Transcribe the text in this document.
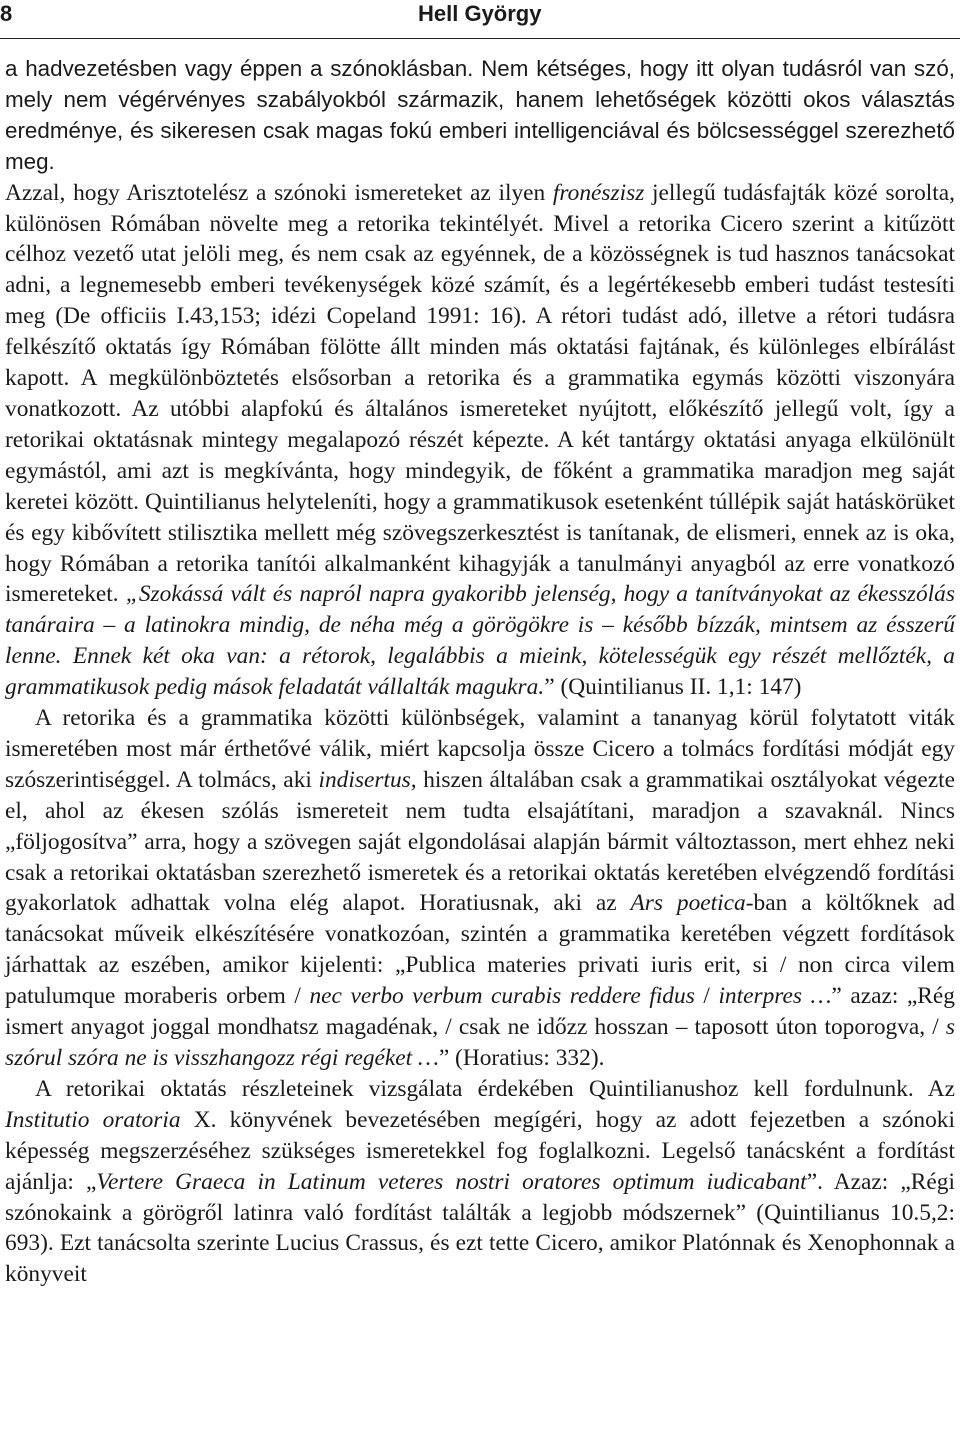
8	Hell György
a hadvezetésben vagy éppen a szónoklásban. Nem kétséges, hogy itt olyan tudásról van szó, mely nem végérvényes szabályokból származik, hanem lehetőségek közötti okos választás eredménye, és sikeresen csak magas fokú emberi intelligenciával és bölcsességgel szerezhető meg.
Azzal, hogy Arisztotelész a szónoki ismereteket az ilyen fronészisz jellegű tudásfajták közé sorolta, különösen Rómában növelte meg a retorika tekintélyét. Mivel a retorika Cicero szerint a kitűzött célhoz vezető utat jelöli meg, és nem csak az egyénnek, de a közösségnek is tud hasznos tanácsokat adni, a legnemesebb emberi tevékenységek közé számít, és a legértékesebb emberi tudást testesíti meg (De officiis I.43,153; idézi Copeland 1991: 16). A rétori tudást adó, illetve a rétori tudásra felkészítő oktatás így Rómában fölötte állt minden más oktatási fajtának, és különleges elbírálást kapott. A megkülönböztetés elsősorban a retorika és a grammatika egymás közötti viszonyára vonatkozott. Az utóbbi alapfokú és általános ismereteket nyújtott, előkészítő jellegű volt, így a retorikai oktatásnak mintegy megalapozó részét képezte. A két tantárgy oktatási anyaga elkülönült egymástól, ami azt is megkívánta, hogy mindegyik, de főként a grammatika maradjon meg saját keretei között. Quintilianus helyteleníti, hogy a grammatikusok esetenként túllépik saját hatáskörüket és egy kibővített stilisztika mellett még szövegszerkesztést is tanítanak, de elismeri, ennek az is oka, hogy Rómában a retorika tanítói alkalmanként kihagyják a tanulmányi anyagból az erre vonatkozó ismereteket. „Szokássá vált és napról napra gyakoribb jelenség, hogy a tanítványokat az ékesszólás tanáraira – a latinokra mindig, de néha még a görögökre is – később bízzák, mintsem az ésszerű lenne. Ennek két oka van: a rétorok, legalábbis a mieink, kötelességük egy részét mellőzték, a grammatikusok pedig mások feladatát vállalták magukra.” (Quintilianus II. 1,1: 147)
A retorika és a grammatika közötti különbségek, valamint a tananyag körül folytatott viták ismeretében most már érthetővé válik, miért kapcsolja össze Cicero a tolmács fordítási módját egy szószerintiséggel. A tolmács, aki indisertus, hiszen általában csak a grammatikai osztályokat végezte el, ahol az ékesen szólás ismereteit nem tudta elsajátítani, maradjon a szavaknál. Nincs „följogosítva” arra, hogy a szövegen saját elgondolásai alapján bármit változtasson, mert ehhez neki csak a retorikai oktatásban szerezhető ismeretek és a retorikai oktatás keretében elvégzendő fordítási gyakorlatok adhattak volna elég alapot. Horatiusnak, aki az Ars poetica-ban a költőknek ad tanácsokat műveik elkészítésére vonatkozóan, szintén a grammatika keretében végzett fordítások járhattak az eszében, amikor kijelenti: „Publica materies privati iuris erit, si / non circa vilem patulumque moraberis orbem / nec verbo verbum curabis reddere fidus / interpres …” azaz: „Rég ismert anyagot joggal mondhatsz magadénak, / csak ne időzz hosszan – taposott úton toporogva, / s szórul szóra ne is visszhangozz régi regéket …” (Horatius: 332).
A retorikai oktatás részleteinek vizsgálata érdekében Quintilianushoz kell fordulnunk. Az Institutio oratoria X. könyvének bevezetésében megígéri, hogy az adott fejezetben a szónoki képesség megszerzéséhez szükséges ismeretekkel fog foglalkozni. Legelső tanácsként a fordítást ajánlja: „Vertere Graeca in Latinum veteres nostri oratores optimum iudicabant”. Azaz: „Régi szónokaink a görögről latinra való fordítást találták a legjobb módszernek” (Quintilianus 10.5,2: 693). Ezt tanácsolta szerinte Lucius Crassus, és ezt tette Cicero, amikor Platónnak és Xenophonnak a könyveit
